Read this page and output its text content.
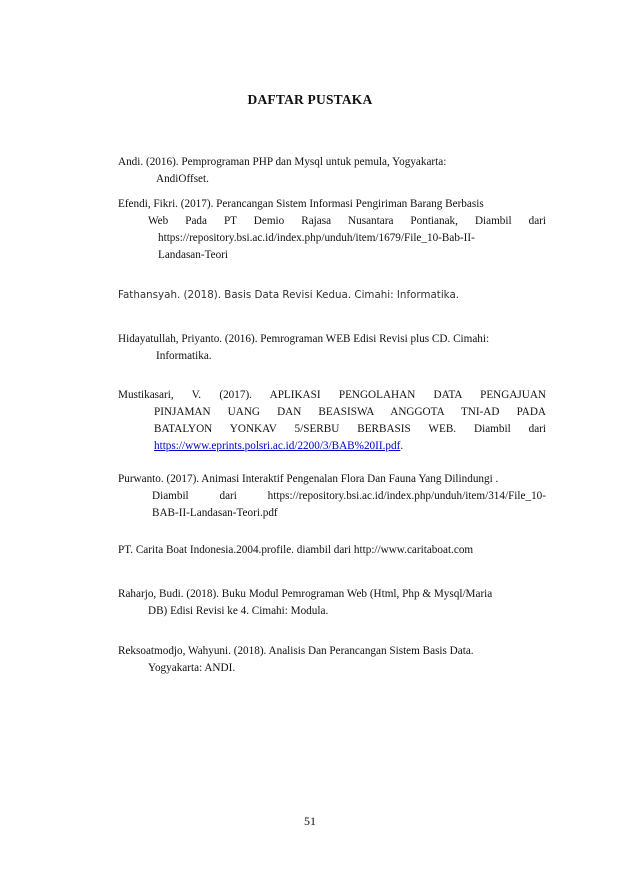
DAFTAR PUSTAKA
Andi. (2016). Pemprograman PHP dan Mysql untuk pemula, Yogyakarta:
AndiOffset.
Efendi, Fikri. (2017). Perancangan Sistem Informasi Pengiriman Barang Berbasis
Web Pada PT Demio Rajasa Nusantara Pontianak, Diambil dari
https://repository.bsi.ac.id/index.php/unduh/item/1679/File_10-Bab-II-
Landasan-Teori
Fathansyah. (2018). Basis Data Revisi Kedua. Cimahi: Informatika.
Hidayatullah, Priyanto. (2016). Pemrograman WEB Edisi Revisi plus CD. Cimahi:
Informatika.
Mustikasari, V. (2017). APLIKASI PENGOLAHAN DATA PENGAJUAN
PINJAMAN UANG DAN BEASISWA ANGGOTA TNI-AD PADA
BATALYON YONKAV 5/SERBU BERBASIS WEB. Diambil dari
https://www.eprints.polsri.ac.id/2200/3/BAB%20II.pdf.
Purwanto. (2017). Animasi Interaktif Pengenalan Flora Dan Fauna Yang Dilindungi .
Diambil dari https://repository.bsi.ac.id/index.php/unduh/item/314/File_10-
BAB-II-Landasan-Teori.pdf
PT. Carita Boat Indonesia.2004.profile. diambil dari http://www.caritaboat.com
Raharjo, Budi. (2018). Buku Modul Pemrograman Web (Html, Php & Mysql/Maria
DB) Edisi Revisi ke 4. Cimahi: Modula.
Reksoatmodjo, Wahyuni. (2018). Analisis Dan Perancangan Sistem Basis Data.
Yogyakarta: ANDI.
51
